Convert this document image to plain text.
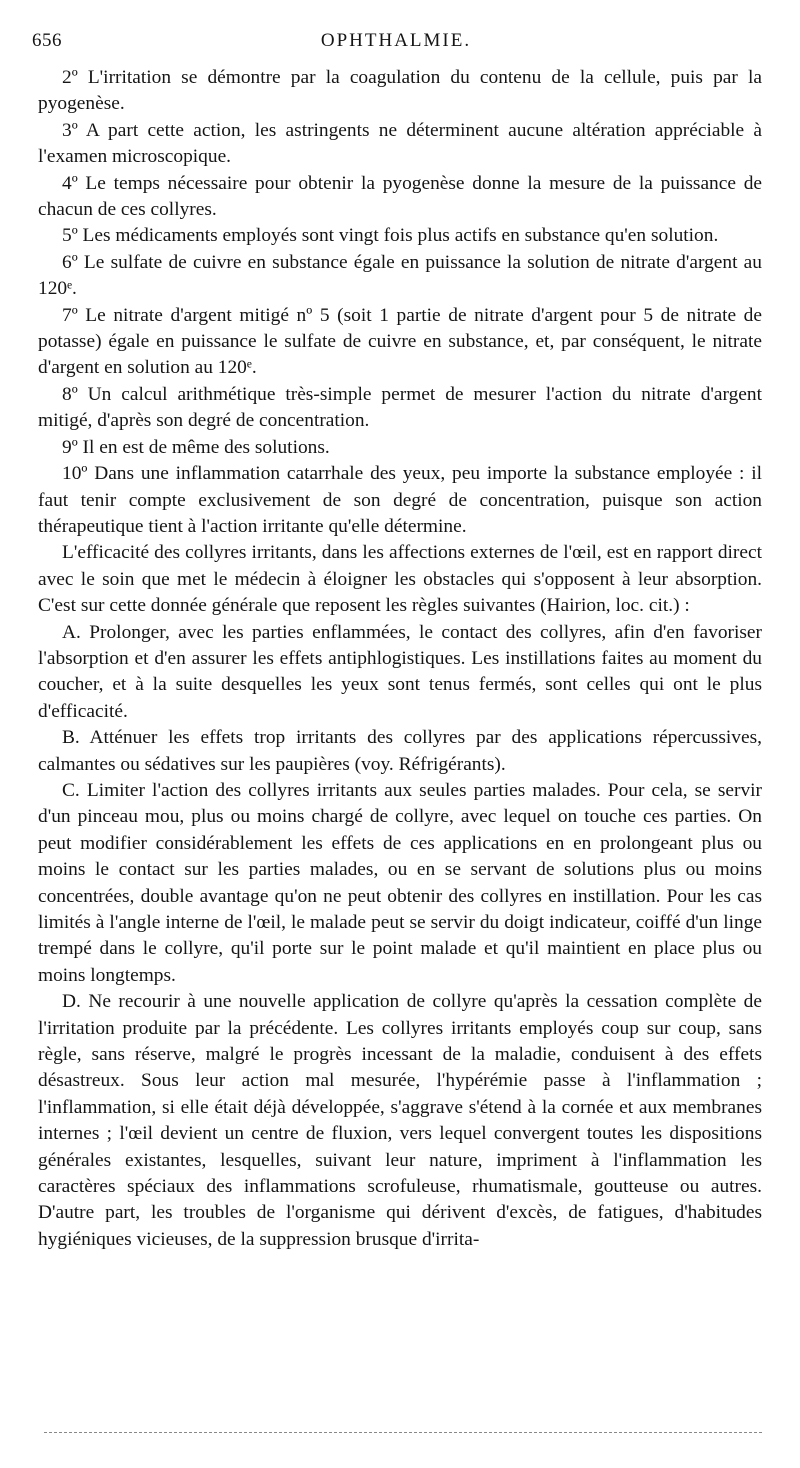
656	OPHTHALMIE.

2º L'irritation se démontre par la coagulation du contenu de la cellule, puis par la pyogenèse.

3º A part cette action, les astringents ne déterminent aucune altération appréciable à l'examen microscopique.

4º Le temps nécessaire pour obtenir la pyogenèse donne la mesure de la puissance de chacun de ces collyres.

5º Les médicaments employés sont vingt fois plus actifs en substance qu'en solution.

6º Le sulfate de cuivre en substance égale en puissance la solution de nitrate d'argent au 120ᵉ.

7º Le nitrate d'argent mitigé nº 5 (soit 1 partie de nitrate d'argent pour 5 de nitrate de potasse) égale en puissance le sulfate de cuivre en substance, et, par conséquent, le nitrate d'argent en solution au 120ᵉ.

8º Un calcul arithmétique très-simple permet de mesurer l'action du nitrate d'argent mitigé, d'après son degré de concentration.

9º Il en est de même des solutions.

10º Dans une inflammation catarrhale des yeux, peu importe la substance employée : il faut tenir compte exclusivement de son degré de concentration, puisque son action thérapeutique tient à l'action irritante qu'elle détermine.

L'efficacité des collyres irritants, dans les affections externes de l'œil, est en rapport direct avec le soin que met le médecin à éloigner les obstacles qui s'opposent à leur absorption. C'est sur cette donnée générale que reposent les règles suivantes (Hairion, loc. cit.) :

A. Prolonger, avec les parties enflammées, le contact des collyres, afin d'en favoriser l'absorption et d'en assurer les effets antiphlogistiques. Les instillations faites au moment du coucher, et à la suite desquelles les yeux sont tenus fermés, sont celles qui ont le plus d'efficacité.

B. Atténuer les effets trop irritants des collyres par des applications répercussives, calmantes ou sédatives sur les paupières (voy. Réfrigérants).

C. Limiter l'action des collyres irritants aux seules parties malades. Pour cela, se servir d'un pinceau mou, plus ou moins chargé de collyre, avec lequel on touche ces parties. On peut modifier considérablement les effets de ces applications en en prolongeant plus ou moins le contact sur les parties malades, ou en se servant de solutions plus ou moins concentrées, double avantage qu'on ne peut obtenir des collyres en instillation. Pour les cas limités à l'angle interne de l'œil, le malade peut se servir du doigt indicateur, coiffé d'un linge trempé dans le collyre, qu'il porte sur le point malade et qu'il maintient en place plus ou moins longtemps.

D. Ne recourir à une nouvelle application de collyre qu'après la cessation complète de l'irritation produite par la précédente. Les collyres irritants employés coup sur coup, sans règle, sans réserve, malgré le progrès incessant de la maladie, conduisent à des effets désastreux. Sous leur action mal mesurée, l'hypérémie passe à l'inflammation ; l'inflammation, si elle était déjà développée, s'aggrave s'étend à la cornée et aux membranes internes ; l'œil devient un centre de fluxion, vers lequel convergent toutes les dispositions générales existantes, lesquelles, suivant leur nature, impriment à l'inflammation les caractères spéciaux des inflammations scrofuleuse, rhumatismale, goutteuse ou autres. D'autre part, les troubles de l'organisme qui dérivent d'excès, de fatigues, d'habitudes hygiéniques vicieuses, de la suppression brusque d'irrita-
